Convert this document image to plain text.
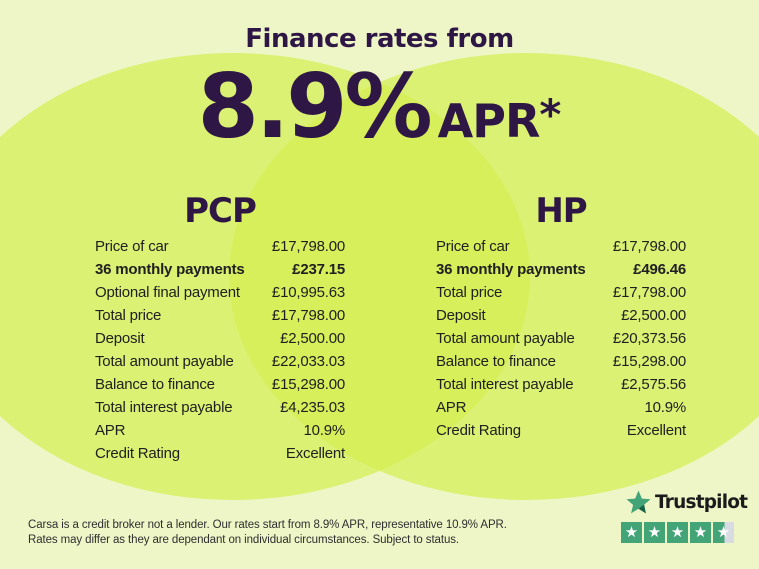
Finance rates from
8.9% APR*
PCP
Price of car	£17,798.00
36 monthly payments	£237.15
Optional final payment £10,995.63
Total price	£17,798.00
Deposit	£2,500.00
Total amount payable	£22,033.03
Balance to finance	£15,298.00
Total interest payable	£4,235.03
APR	10.9%
Credit Rating	Excellent
HP
Price of car	£17,798.00
36 monthly payments	£496.46
Total price	£17,798.00
Deposit	£2,500.00
Total amount payable	£20,373.56
Balance to finance	£15,298.00
Total interest payable	£2,575.56
APR	10.9%
Credit Rating	Excellent
Carsa is a credit broker not a lender. Our rates start from 8.9% APR, representative 10.9% APR.
Rates may differ as they are dependant on individual circumstances. Subject to status.
Trustpilot
★ ★ ★ ★ ★
